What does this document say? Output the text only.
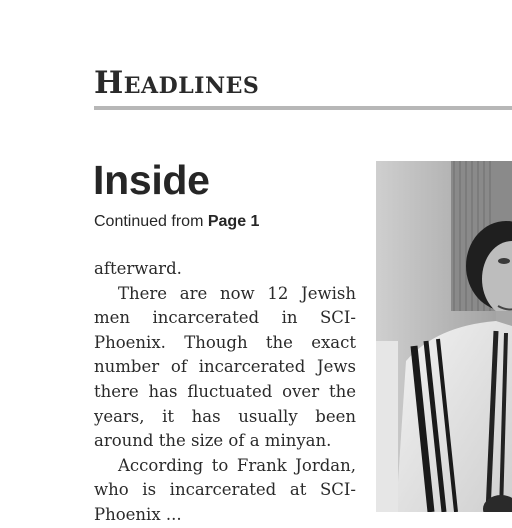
Headlines
Inside
Continued from Page 1

afterward.

There are now 12 Jewish men incarcerated in SCI-Phoenix. Though the exact number of incarcerated Jews there has fluctuated over the years, it has usually been around the size of a minyan.

According to Frank Jordan, who is incarcerated at SCI-Phoenix ...
